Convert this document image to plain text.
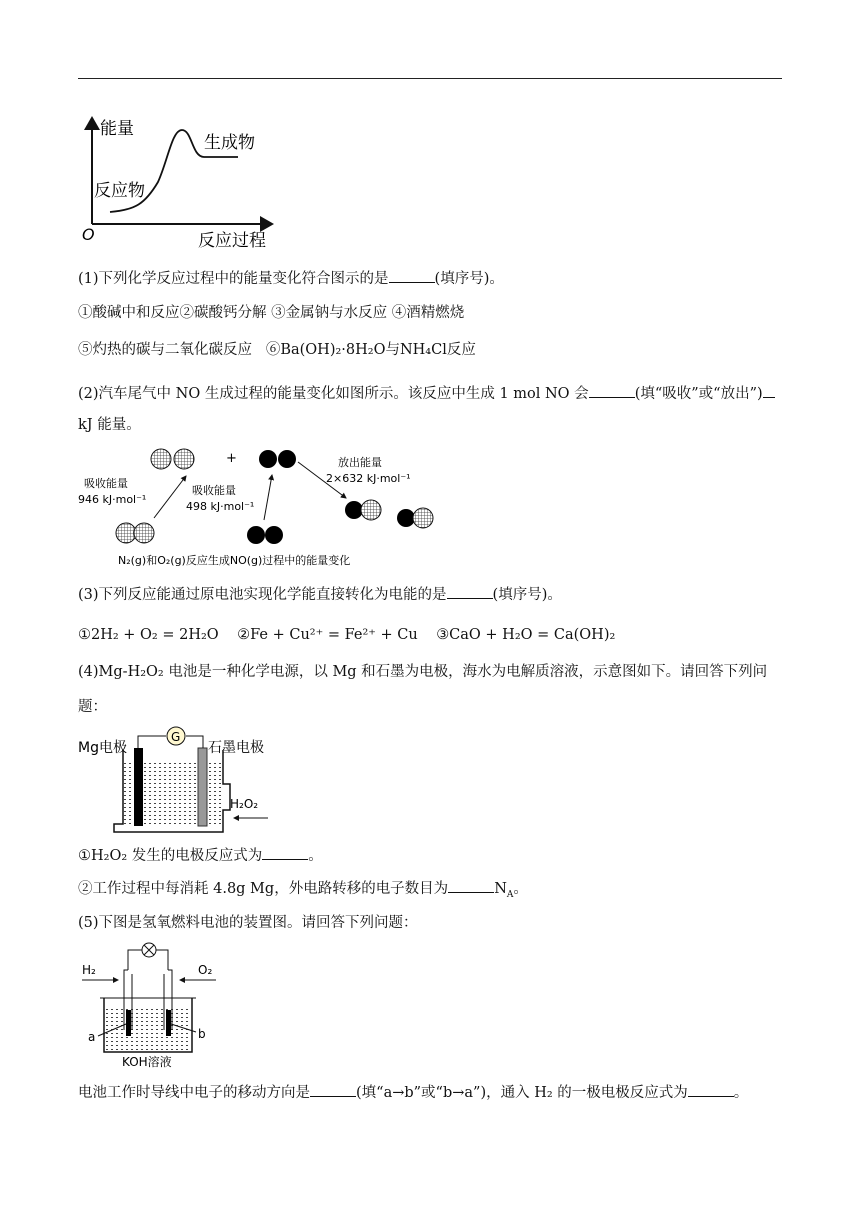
能量
O	反应过程
反应物
生成物
(1)下列化学反应过程中的能量变化符合图示的是	(填序号)。
①酸碱中和反应②碳酸钙分解 ③金属钠与水反应 ④酒精燃烧
⑤灼热的碳与二氧化碳反应 ⑥Ba(OH)₂·8H₂O与NH₄Cl反应
(2)汽车尾气中 NO 生成过程的能量变化如图所示。该反应中生成 1 mol NO 会	(填“吸收”或“放出”)
kJ 能量。
+
吸收能量
946 kJ·mol⁻¹
吸收能量
498 kJ·mol⁻¹
放出能量
2×632 kJ·mol⁻¹
N₂(g)和O₂(g)反应生成NO(g)过程中的能量变化
(3)下列反应能通过原电池实现化学能直接转化为电能的是	(填序号)。
①2H₂ + O₂ = 2H₂O ②Fe + Cu²⁺ = Fe²⁺ + Cu ③CaO + H₂O = Ca(OH)₂
(4)Mg-H₂O₂ 电池是一种化学电源，以 Mg 和石墨为电极，海水为电解质溶液，示意图如下。请回答下列问
题：
G
Mg电极	石墨电极
H₂O₂
①H₂O₂ 发生的电极反应式为	。
②工作过程中每消耗 4.8g Mg，外电路转移的电子数目为	$N_A$。
(5)下图是氢氧燃料电池的装置图。请回答下列问题：
H₂	O₂
a	b
KOH溶液
电池工作时导线中电子的移动方向是	(填“a→b”或“b→a”)，通入 H₂ 的一极电极反应式为	。
